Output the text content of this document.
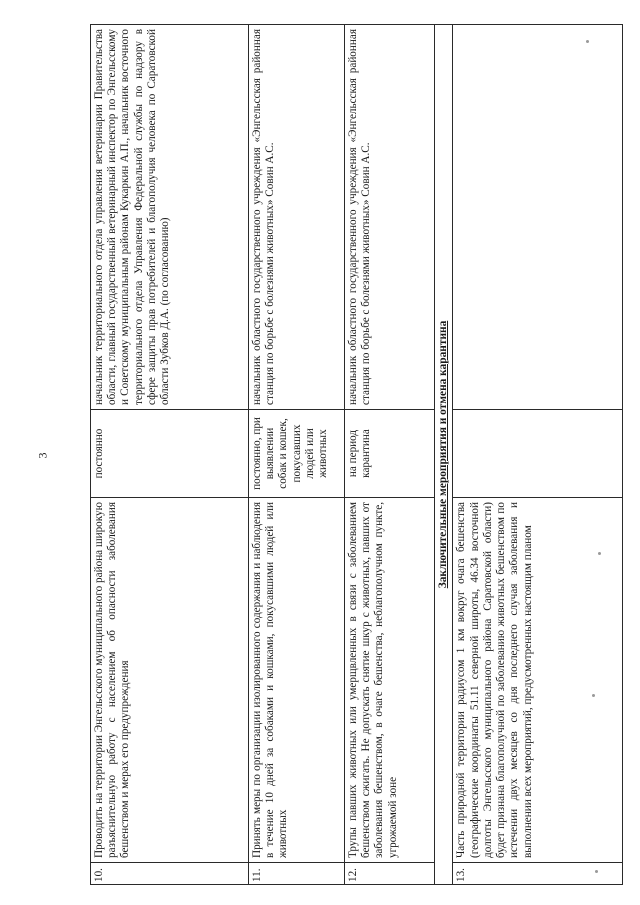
3
10.	Проводить на территории Энгельсского муниципального района широкую разъяснительную работу с населением об опасности заболевания бешенством и мерах его предупреждения	постоянно	начальник территориального отдела управления ветеринарии Правительства области, главный государственный ветеринарный инспектор по Энгельсскому и Советскому муниципальным районам Кукаркин А.П., начальник восточного территориального отдела Управления Федеральной службы по надзору в сфере защиты прав потребителей и благополучия человека по Саратовской области Зубков Д.А. (по согласованию)
11.	Принять меры по организации изолированного содержания и наблюдения в течение 10 дней за собаками и кошками, покусавшими людей или животных	постоянно, при выявлении собак и кошек, покусавших людей или животных	начальник областного государственного учреждения «Энгельсская районная станция по борьбе с болезнями животных» Совин А.С.
12.	Трупы павших животных или умерщвленных в связи с заболеванием бешенством сжигать. Не допускать снятие шкур с животных, павших от заболевания бешенством, в очаге бешенства, неблагополучном пункте, угрожаемой зоне	на период карантина	начальник областного государственного учреждения «Энгельсская районная станция по борьбе с болезнями животных» Совин А.С.
Заключительные мероприятия и отмена карантина			
13.	Часть природной территории радиусом 1 км вокруг очага бешенства (географические координаты 51.11 северной широты, 46.34 восточной долготы Энгельсского муниципального района Саратовской области) будет признана благополучной по заболеванию животных бешенством по истечении двух месяцев со дня последнего случая заболевания и выполнении всех мероприятий, предусмотренных настоящим планом		
